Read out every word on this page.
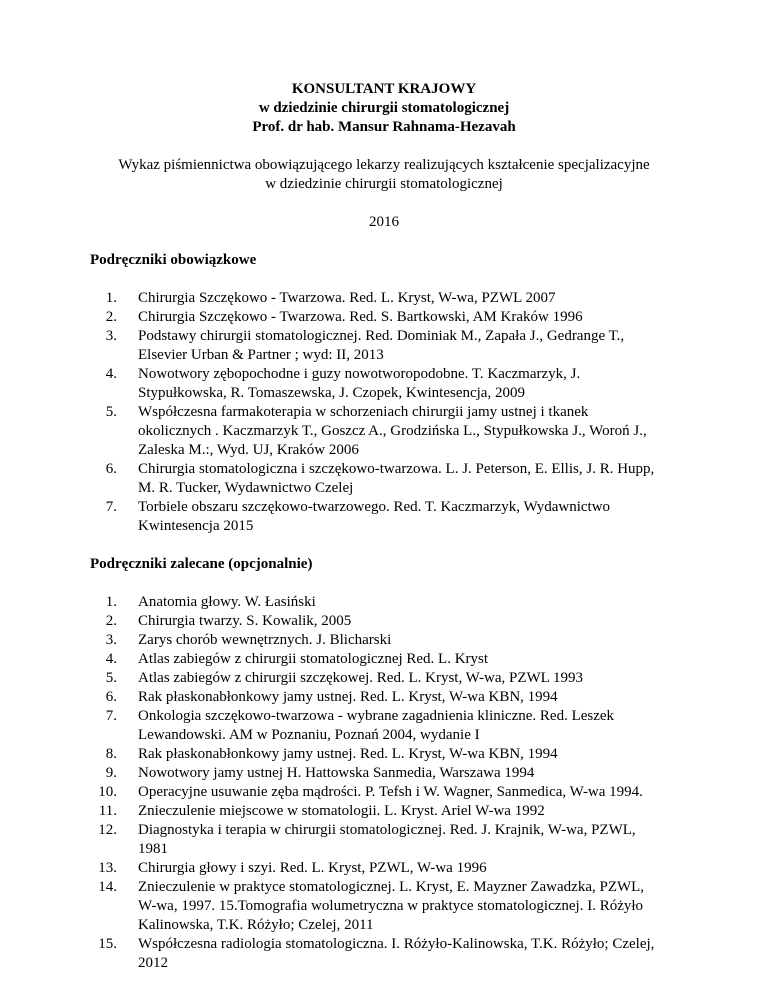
KONSULTANT KRAJOWY
w dziedzinie chirurgii stomatologicznej
Prof. dr hab. Mansur Rahnama-Hezavah
Wykaz piśmiennictwa obowiązującego lekarzy realizujących kształcenie specjalizacyjne
w dziedzinie chirurgii stomatologicznej
2016
Podręczniki obowiązkowe
1. Chirurgia Szczękowo - Twarzowa. Red. L. Kryst, W-wa, PZWL 2007
2. Chirurgia Szczękowo - Twarzowa. Red. S. Bartkowski, AM Kraków 1996
3. Podstawy chirurgii stomatologicznej. Red. Dominiak M., Zapała J., Gedrange T.,
Elsevier Urban & Partner ; wyd: II, 2013
4. Nowotwory zębopochodne i guzy nowotworopodobne. T. Kaczmarzyk, J.
Stypułkowska, R. Tomaszewska, J. Czopek, Kwintesencja, 2009
5. Współczesna farmakoterapia w schorzeniach chirurgii jamy ustnej i tkanek
okolicznych . Kaczmarzyk T., Goszcz A., Grodzińska L., Stypułkowska J., Woroń J.,
Zaleska M.:, Wyd. UJ, Kraków 2006
6. Chirurgia stomatologiczna i szczękowo-twarzowa. L. J. Peterson, E. Ellis, J. R. Hupp,
M. R. Tucker, Wydawnictwo Czelej
7. Torbiele obszaru szczękowo-twarzowego. Red. T. Kaczmarzyk, Wydawnictwo
Kwintesencja 2015
Podręczniki zalecane (opcjonalnie)
1. Anatomia głowy. W. Łasiński
2. Chirurgia twarzy. S. Kowalik, 2005
3. Zarys chorób wewnętrznych. J. Blicharski
4. Atlas zabiegów z chirurgii stomatologicznej Red. L. Kryst
5. Atlas zabiegów z chirurgii szczękowej. Red. L. Kryst, W-wa, PZWL 1993
6. Rak płaskonabłonkowy jamy ustnej. Red. L. Kryst, W-wa KBN, 1994
7. Onkologia szczękowo-twarzowa - wybrane zagadnienia kliniczne. Red. Leszek
Lewandowski. AM w Poznaniu, Poznań 2004, wydanie I
8. Rak płaskonabłonkowy jamy ustnej. Red. L. Kryst, W-wa KBN, 1994
9. Nowotwory jamy ustnej H. Hattowska Sanmedia, Warszawa 1994
10. Operacyjne usuwanie zęba mądrości. P. Tefsh i W. Wagner, Sanmedica, W-wa 1994.
11. Znieczulenie miejscowe w stomatologii. L. Kryst. Ariel W-wa 1992
12. Diagnostyka i terapia w chirurgii stomatologicznej. Red. J. Krajnik, W-wa, PZWL,
1981
13. Chirurgia głowy i szyi. Red. L. Kryst, PZWL, W-wa 1996
14. Znieczulenie w praktyce stomatologicznej. L. Kryst, E. Mayzner Zawadzka, PZWL,
W-wa, 1997. 15.Tomografia wolumetryczna w praktyce stomatologicznej. I. Różyło
Kalinowska, T.K. Różyło; Czelej, 2011
15. Współczesna radiologia stomatologiczna. I. Różyło-Kalinowska, T.K. Różyło; Czelej,
2012
